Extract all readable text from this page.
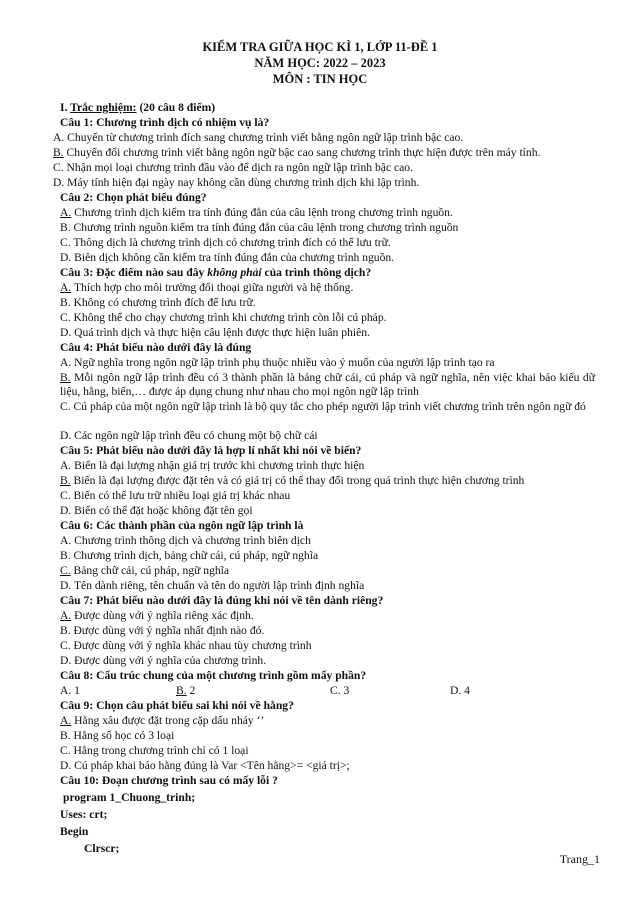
KIỂM TRA GIỮA HỌC KÌ 1, LỚP 11-ĐỀ 1
NĂM HỌC: 2022 – 2023
MÔN : TIN HỌC
I. Trắc nghiệm: (20 câu 8 điểm)
Câu 1: Chương trình dịch có nhiệm vụ là?
A. Chuyển từ chương trình đích sang chương trình viết bằng ngôn ngữ lập trình bậc cao.
B. Chuyển đổi chương trình viết bằng ngôn ngữ bậc cao sang chương trình thực hiện được trên máy tính.
C. Nhận mọi loại chương trình đầu vào để dịch ra ngôn ngữ lập trình bậc cao.
D. Máy tính hiện đại ngày nay không cần dùng chương trình dịch khi lập trình.
Câu 2: Chọn phát biểu đúng?
A. Chương trình dịch kiểm tra tính đúng đắn của câu lệnh trong chương trình nguồn.
B. Chương trình nguồn kiểm tra tính đúng đắn của câu lệnh trong chương trình nguồn
C. Thông dịch là chương trình dịch có chương trình đích có thể lưu trữ.
D. Biên dịch không cần kiểm tra tính đúng đắn của chương trình nguồn.
Câu 3: Đặc điểm nào sau đây không phải của trình thông dịch?
A. Thích hợp cho môi trường đối thoại giữa người và hệ thống.
B. Không có chương trình đích để lưu trữ.
C. Không thể cho chạy chương trình khi chương trình còn lỗi cú pháp.
D. Quá trình dịch và thực hiện câu lệnh được thực hiện luân phiên.
Câu 4: Phát biểu nào dưới đây là đúng
A. Ngữ nghĩa trong ngôn ngữ lập trình phụ thuộc nhiều vào ý muốn của người lập trình tạo ra
B. Mỗi ngôn ngữ lập trình đều có 3 thành phần là bảng chữ cái, cú pháp và ngữ nghĩa, nên việc khai báo kiểu dữ liệu, hằng, biến,… được áp dụng chung như nhau cho mọi ngôn ngữ lập trình
C. Cú pháp của một ngôn ngữ lập trình là bộ quy tắc cho phép người lập trình viết chương trình trên ngôn ngữ đó
D. Các ngôn ngữ lập trình đều có chung một bộ chữ cái
Câu 5: Phát biểu nào dưới đây là hợp lí nhất khi nói về biến?
A. Biến là đại lượng nhận giá trị trước khi chương trình thực hiện
B. Biến là đại lượng được đặt tên và có giá trị có thể thay đổi trong quá trình thực hiện chương trình
C. Biến có thể lưu trữ nhiều loại giá trị khác nhau
D. Biến có thể đặt hoặc không đặt tên gọi
Câu 6: Các thành phần của ngôn ngữ lập trình là
A. Chương trình thông dịch và chương trình biên dịch
B. Chương trình dịch, bảng chữ cái, cú pháp, ngữ nghĩa
C. Bảng chữ cái, cú pháp, ngữ nghĩa
D. Tên dành riêng, tên chuẩn và tên do người lập trình định nghĩa
Câu 7: Phát biểu nào dưới đây là đúng khi nói về tên dành riêng?
A. Được dùng với ý nghĩa riêng xác định.
B. Được dùng với ý nghĩa nhất định nào đó.
C. Được dùng với ý nghĩa khác nhau tùy chương trình
D. Được dùng với ý nghĩa của chương trình.
Câu 8: Cấu trúc chung của một chương trình gồm mấy phần?
A. 1	B. 2	C. 3	D. 4
Câu 9: Chọn câu phát biểu sai khi nói về hằng?
A. Hằng xâu được đặt trong cặp dấu nháy ‘’
B. Hằng số học có 3 loại
C. Hằng trong chương trình chỉ có 1 loại
D. Cú pháp khai báo hằng đúng là Var <Tên hằng>= <giá trị>;
Câu 10: Đoạn chương trình sau có mấy lỗi ?
program 1_Chuong_trinh;
Uses: crt;
Begin
Clrscr;
Trang_1
